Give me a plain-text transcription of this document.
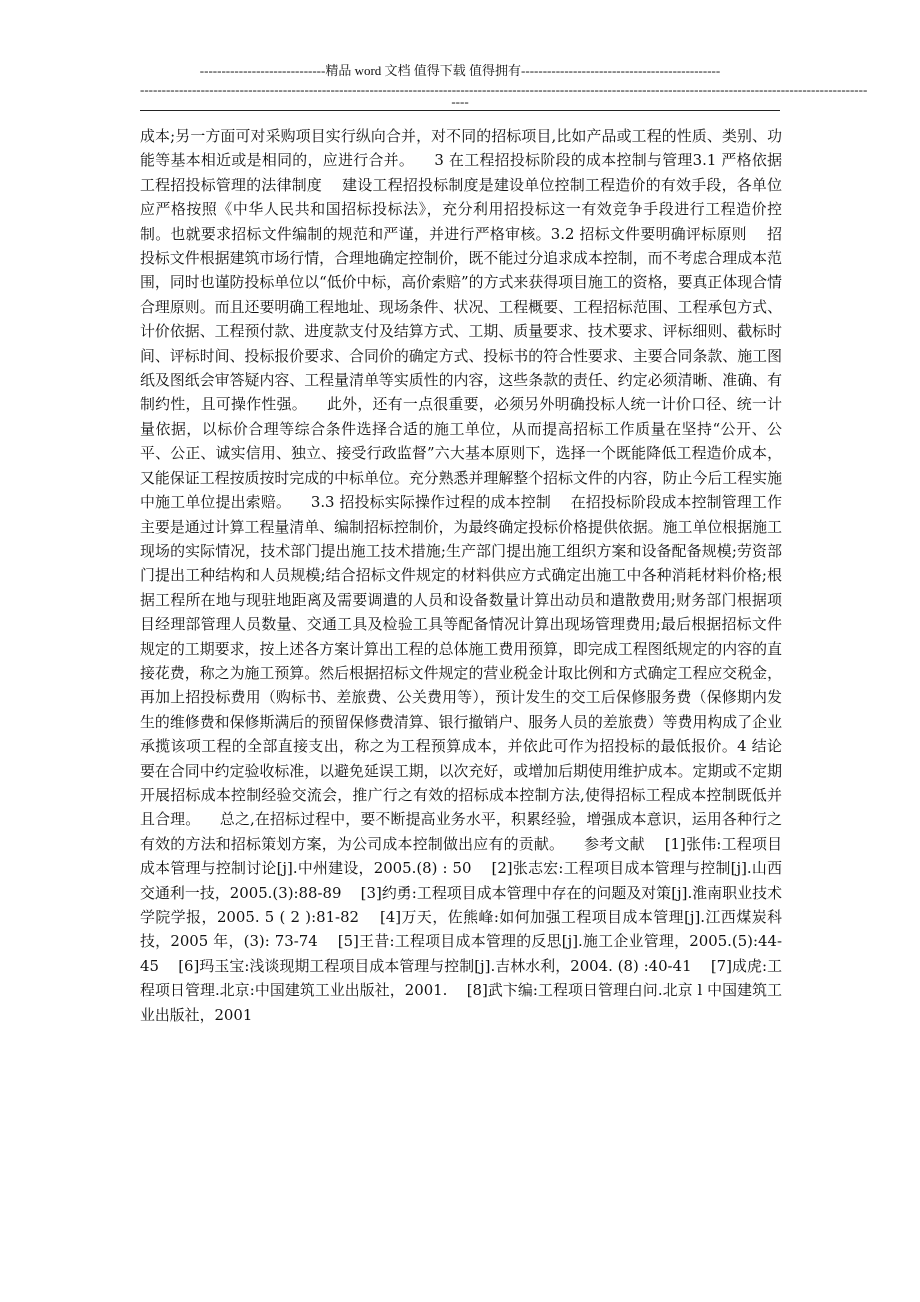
-----------------------------精品 word 文档 值得下载 值得拥有----------------------------------------------
------------------------------------------------------------------------------------------------------------------------------------------------------------------------
----

成本;另一方面可对采购项目实行纵向合并，对不同的招标项目,比如产品或工程的性质、类别、功能等基本相近或是相同的，应进行合并。    3 在工程招投标阶段的成本控制与管理3.1 严格依据工程招投标管理的法律制度    建设工程招投标制度是建设单位控制工程造价的有效手段，各单位应严格按照《中华人民共和国招标投标法》，充分利用招投标这一有效竞争手段进行工程造价控制。也就要求招标文件编制的规范和严谨，并进行严格审核。3.2 招标文件要明确评标原则    招投标文件根据建筑市场行情，合理地确定控制价，既不能过分追求成本控制，而不考虑合理成本范围，同时也谨防投标单位以“低价中标，高价索赔”的方式来获得项目施工的资格，要真正体现合情合理原则。而且还要明确工程地址、现场条件、状况、工程概要、工程招标范围、工程承包方式、计价依据、工程预付款、进度款支付及结算方式、工期、质量要求、技术要求、评标细则、截标时间、评标时间、投标报价要求、合同价的确定方式、投标书的符合性要求、主要合同条款、施工图纸及图纸会审答疑内容、工程量清单等实质性的内容，这些条款的责任、约定必须清晰、准确、有制约性，且可操作性强。    此外，还有一点很重要，必须另外明确投标人统一计价口径、统一计量依据，以标价合理等综合条件选择合适的施工单位，从而提高招标工作质量在坚持“公开、公平、公正、诚实信用、独立、接受行政监督”六大基本原则下，选择一个既能降低工程造价成本，又能保证工程按质按时完成的中标单位。充分熟悉并理解整个招标文件的内容，防止今后工程实施中施工单位提出索赔。    3.3 招投标实际操作过程的成本控制    在招投标阶段成本控制管理工作主要是通过计算工程量清单、编制招标控制价，为最终确定投标价格提供依据。施工单位根据施工现场的实际情况，技术部门提出施工技术措施;生产部门提出施工组织方案和设备配备规模;劳资部门提出工种结构和人员规模;结合招标文件规定的材料供应方式确定出施工中各种消耗材料价格;根据工程所在地与现驻地距离及需要调遣的人员和设备数量计算出动员和遣散费用;财务部门根据项目经理部管理人员数量、交通工具及检验工具等配备情况计算出现场管理费用;最后根据招标文件规定的工期要求，按上述各方案计算出工程的总体施工费用预算，即完成工程图纸规定的内容的直接花费，称之为施工预算。然后根据招标文件规定的营业税金计取比例和方式确定工程应交税金，再加上招投标费用（购标书、差旅费、公关费用等），预计发生的交工后保修服务费（保修期内发生的维修费和保修斯满后的预留保修费清算、银行撤销户、服务人员的差旅费）等费用构成了企业承揽该项工程的全部直接支出，称之为工程预算成本，并依此可作为招投标的最低报价。4 结论    要在合同中约定验收标准，以避免延误工期，以次充好，或增加后期使用维护成本。定期或不定期开展招标成本控制经验交流会，推广行之有效的招标成本控制方法,使得招标工程成本控制既低并且合理。    总之,在招标过程中，要不断提高业务水平，积累经验，增强成本意识，运用各种行之有效的方法和招标策划方案，为公司成本控制做出应有的贡献。    参考文献    [1]张伟:工程项目成本管理与控制讨论[j].中州建设，2005.(8) : 50    [2]张志宏:工程项目成本管理与控制[j].山西交通利一技，2005.(3):88-89    [3]约勇:工程项目成本管理中存在的问题及对策[j].淮南职业技术学院学报，2005. 5 ( 2 ):81-82    [4]万天，佐熊峰:如何加强工程项目成本管理[j].江西煤炭科技，2005 年，(3): 73-74    [5]王昔:工程项目成本管理的反思[j].施工企业管理，2005.(5):44-45    [6]玛玉宝:浅谈现期工程项目成本管理与控制[j].吉林水利，2004. (8) :40-41    [7]成虎:工程项日管理.北京:中国建筑工业出版社，2001.    [8]武卞编:工程项日管理白问.北京 l 中国建筑工业出版社，2001
